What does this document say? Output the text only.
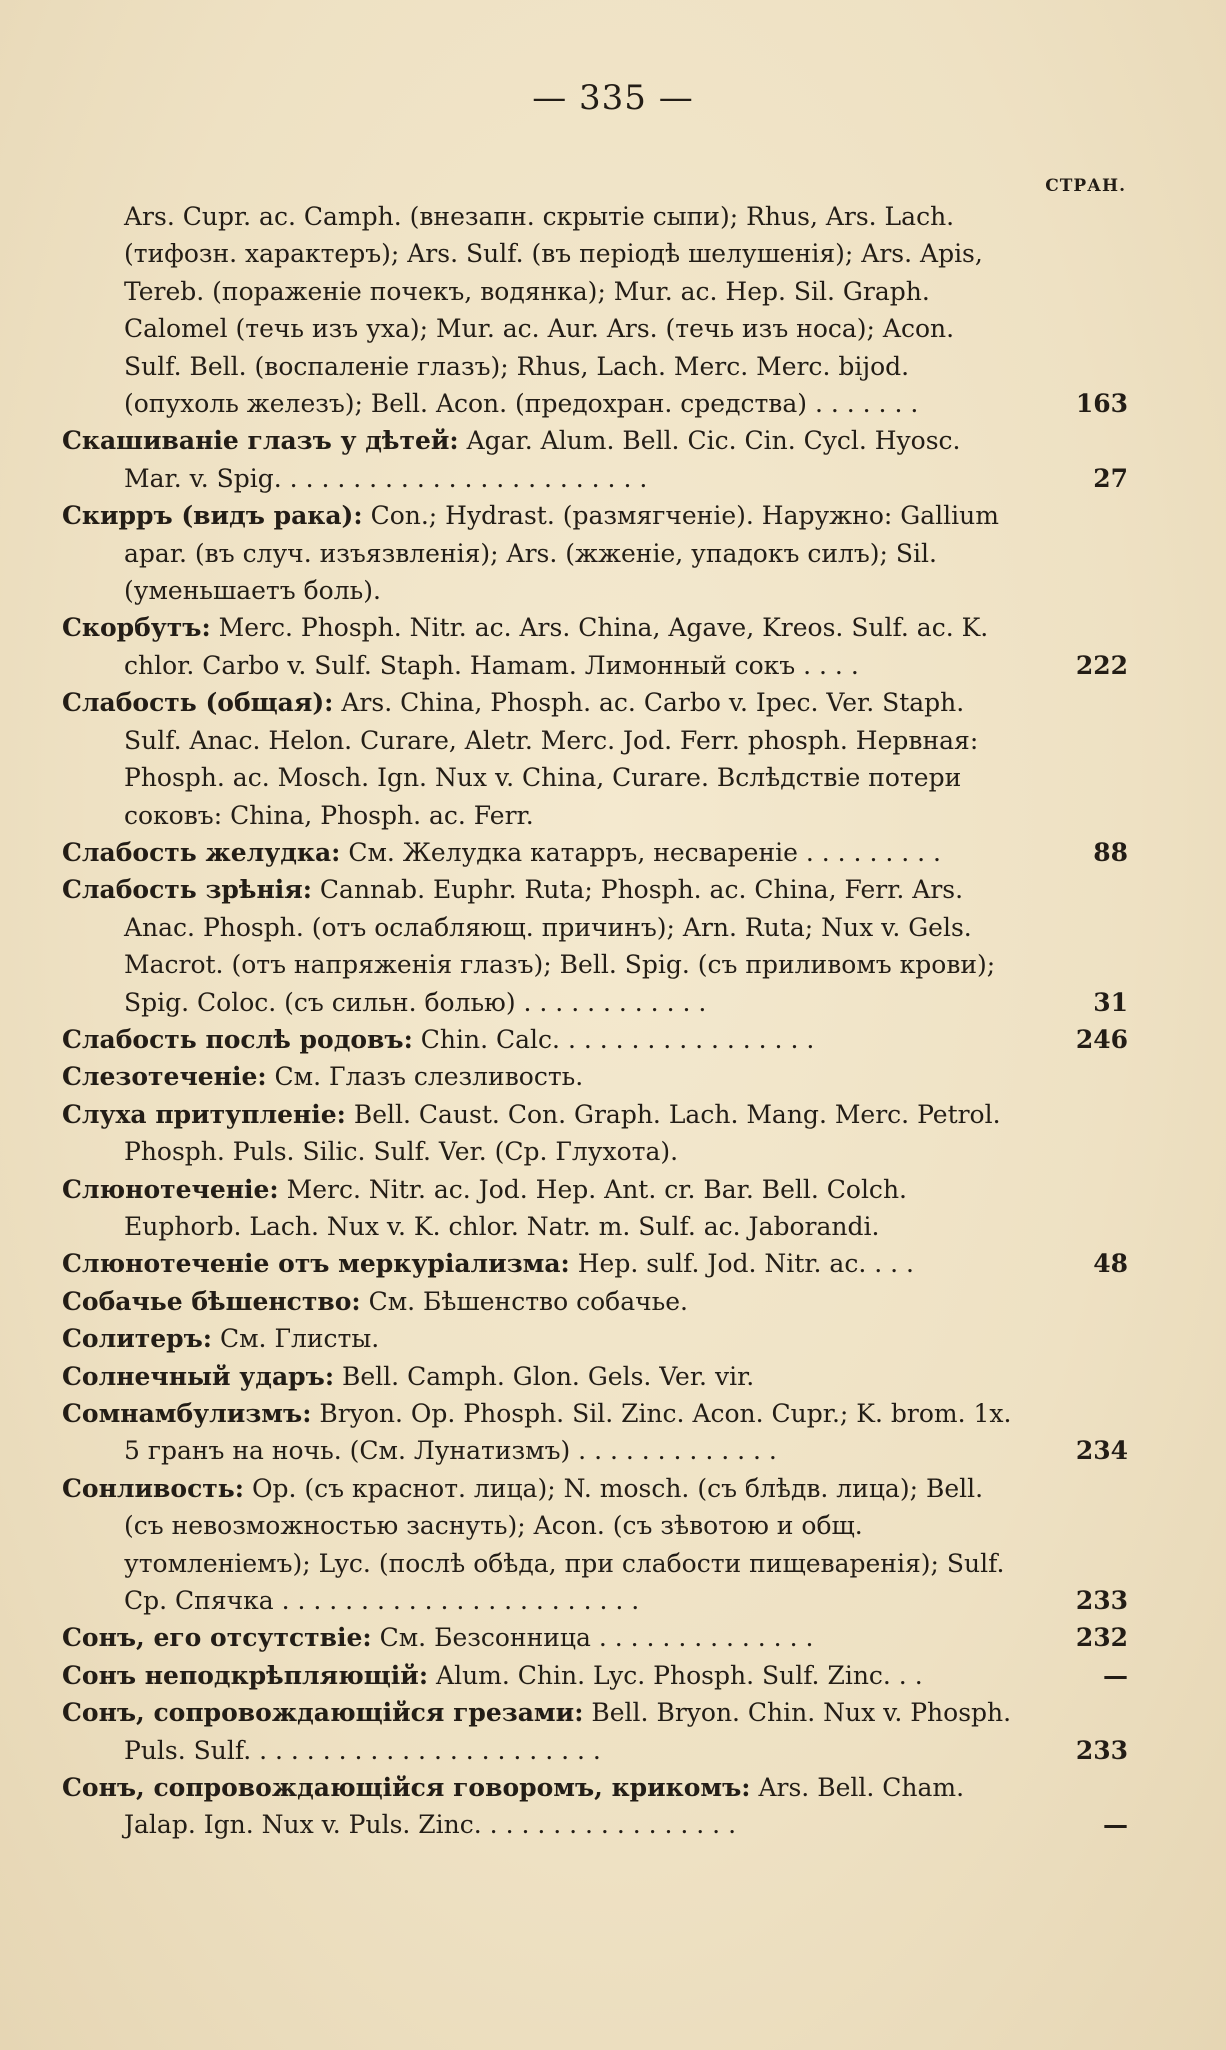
— 335 —
СТРАН.
Ars. Cupr. ac. Camph. (внезапн. скрытіе сыпи); Rhus, Ars. Lach. (тифозн. характеръ); Ars. Sulf. (въ періодѣ шелушенія); Ars. Apis, Tereb. (пораженіе почекъ, водянка); Mur. ac. Hep. Sil. Graph. Calomel (течь изъ уха); Mur. ac. Aur. Ars. (течь изъ носа); Acon. Sulf. Bell. (воспаленіе глазъ); Rhus, Lach. Merc. Merc. bijod. (опухоль железъ); Bell. Acon. (предохран. средства) . . . . . . .	163
Скашиваніе глазъ у дѣтей: Agar. Alum. Bell. Cic. Cin. Cycl. Hyosc. Mar. v. Spig. . . . . . . . . . . . . . . . . . . . . . . .	27
Скирръ (видъ рака): Con.; Hydrast. (размягченіе). Наружно: Gallium apar. (въ случ. изъязвленія); Ars. (жженіе, упадокъ силъ); Sil. (уменьшаетъ боль).
Скорбутъ: Merc. Phosph. Nitr. ac. Ars. China, Agave, Kreos. Sulf. ac. K. chlor. Carbo v. Sulf. Staph. Hamam. Лимонный сокъ . . . .	222
Слабость (общая): Ars. China, Phosph. ac. Carbo v. Ipec. Ver. Staph. Sulf. Anac. Helon. Curare, Aletr. Merc. Jod. Ferr. phosph. Нервная: Phosph. ac. Mosch. Ign. Nux v. China, Curare. Вслѣдствіе потери соковъ: China, Phosph. ac. Ferr.
Слабость желудка: См. Желудка катарръ, несвареніе . . . . . . . . .	88
Слабость зрѣнія: Cannab. Euphr. Ruta; Phosph. ac. China, Ferr. Ars. Anac. Phosph. (отъ ослабляющ. причинъ); Arn. Ruta; Nux v. Gels. Macrot. (отъ напряженія глазъ); Bell. Spig. (съ приливомъ крови); Spig. Coloc. (съ сильн. болью) . . . . . . . . . . . .	31
Слабость послѣ родовъ: Chin. Calc. . . . . . . . . . . . . . . . .	246
Слезотеченіе: См. Глазъ слезливость.
Слуха притупленіе: Bell. Caust. Con. Graph. Lach. Mang. Merc. Petrol. Phosph. Puls. Silic. Sulf. Ver. (Ср. Глухота).
Слюнотеченіе: Merc. Nitr. ac. Jod. Hep. Ant. cr. Bar. Bell. Colch. Euphorb. Lach. Nux v. K. chlor. Natr. m. Sulf. ac. Jaborandi.
Слюнотеченіе отъ меркуріализма: Hep. sulf. Jod. Nitr. ac. . . .	48
Собачье бѣшенство: См. Бѣшенство собачье.
Солитеръ: См. Глисты.
Солнечный ударъ: Bell. Camph. Glon. Gels. Ver. vir.
Сомнамбулизмъ: Bryon. Op. Phosph. Sil. Zinc. Acon. Cupr.; K. brom. 1x. 5 гранъ на ночь. (См. Лунатизмъ) . . . . . . . . . . . . .	234
Сонливость: Op. (съ краснот. лица); N. mosch. (съ блѣдв. лица); Bell. (съ невозможностью заснуть); Acon. (съ зѣвотою и общ. утомленіемъ); Lyc. (послѣ обѣда, при слабости пищеваренія); Sulf. Ср. Спячка . . . . . . . . . . . . . . . . . . . . . . .	233
Сонъ, его отсутствіе: См. Безсонница . . . . . . . . . . . . . .	232
Сонъ неподкрѣпляющій: Alum. Chin. Lyc. Phosph. Sulf. Zinc. . .	—
Сонъ, сопровождающійся грезами: Bell. Bryon. Chin. Nux v. Phosph. Puls. Sulf. . . . . . . . . . . . . . . . . . . . . . .	233
Сонъ, сопровождающійся говоромъ, крикомъ: Ars. Bell. Cham. Jalap. Ign. Nux v. Puls. Zinc. . . . . . . . . . . . . . . . .	—
